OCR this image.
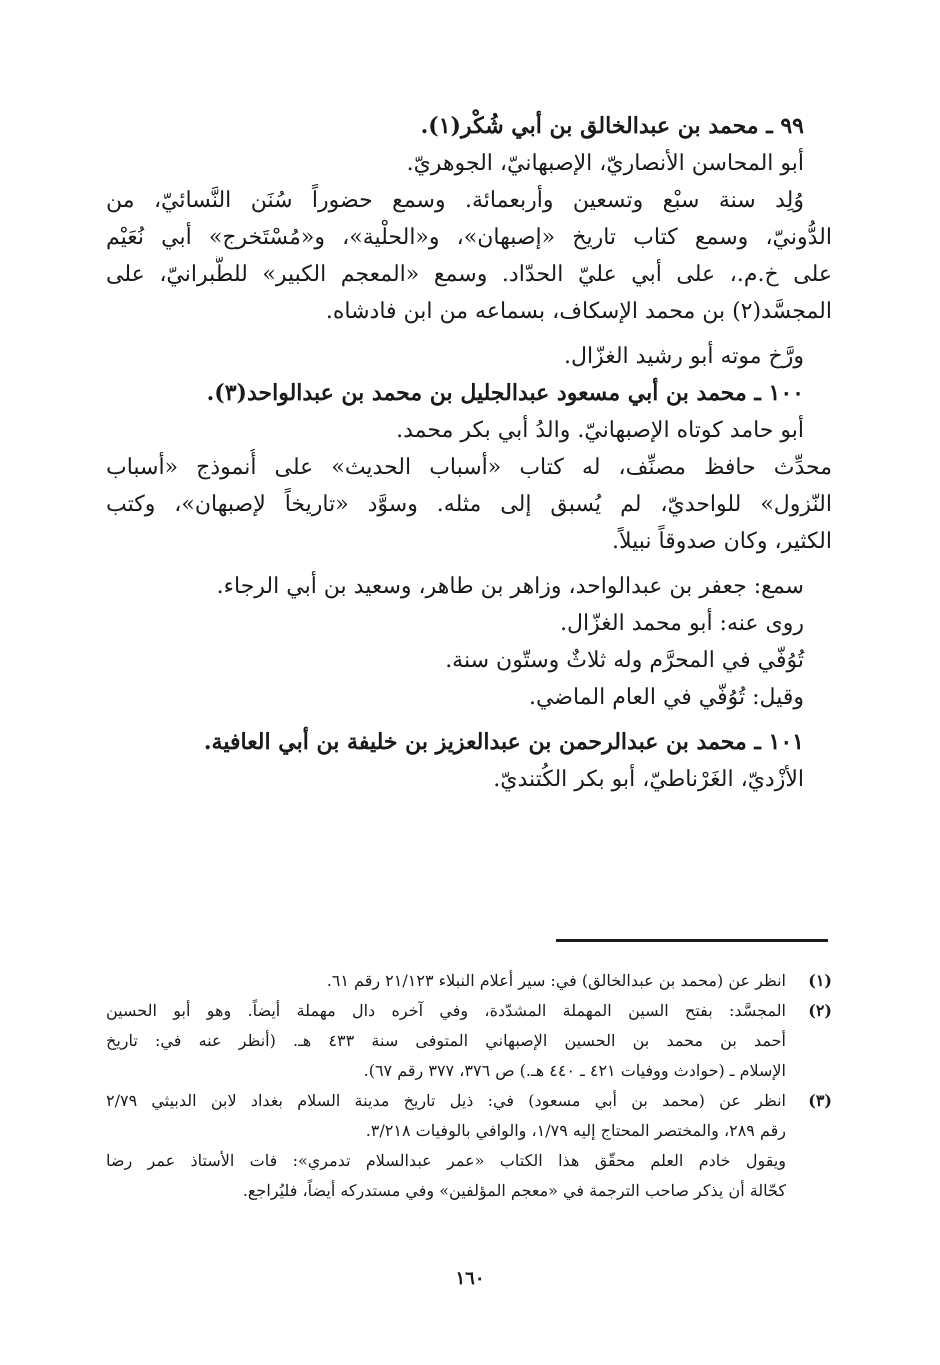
٩٩ ـ محمد بن عبدالخالق بن أبي شُكْر(١).
أبو المحاسن الأنصاريّ، الإصبهانيّ، الجوهريّ.
وُلِد سنة سبْع وتسعين وأربعمائة. وسمع حضوراً سُنَن النَّسائيّ، من
الدُّونيّ، وسمع كتاب تاريخ «إصبهان»، و«الحلْية»، و«مُسْتَخرج» أبي نُعَيْم
على خ.م.، على أبي عليّ الحدّاد. وسمع «المعجم الكبير» للطَّبرانيّ، على
المجسَّد(٢) بن محمد الإسكاف، بسماعه من ابن فادشاه.
ورَّخ موته أبو رشيد الغزّال.
١٠٠ ـ محمد بن أبي مسعود عبدالجليل بن محمد بن عبدالواحد(٣).
أبو حامد كوتاه الإصبهانيّ. والدُ أبي بكر محمد.
محدِّث حافظ مصنِّف، له كتاب «أسباب الحديث» على أُنموذج «أسباب
النّزول» للواحديّ، لم يُسبق إلى مثله. وسوَّد «تاريخاً لإصبهان»، وكتب
الكثير، وكان صدوقاً نبيلاً.
سمع: جعفر بن عبدالواحد، وزاهر بن طاهر، وسعيد بن أبي الرجاء.
روى عنه: أبو محمد الغزّال.
تُوُفّي في المحرَّم وله ثلاثٌ وستّون سنة.
وقيل: تُوُفّي في العام الماضي.
١٠١ ـ محمد بن عبدالرحمن بن عبدالعزيز بن خليفة بن أبي العافية.
الأزْديّ، الغَرْناطيّ، أبو بكر الكُتنديّ.
(١)
انظر عن (محمد بن عبدالخالق) في: سير أعلام النبلاء ٢١/١٢٣ رقم ٦١.
(٢)
المجسَّد: بفتح السين المهملة المشدّدة، وفي آخره دال مهملة أيضاً. وهو أبو الحسين
أحمد بن محمد بن الحسين الإصبهاني المتوفى سنة ٤٣٣ هـ. (أنظر عنه في: تاريخ
الإسلام ـ (حوادث ووفيات ٤٢١ ـ ٤٤٠ هـ.) ص ٣٧٦، ٣٧٧ رقم ٦٧).
(٣)
انظر عن (محمد بن أبي مسعود) في: ذيل تاريخ مدينة السلام بغداد لابن الدبيثي ٢/٧٩
رقم ٢٨٩، والمختصر المحتاج إليه ١/٧٩، والوافي بالوفيات ٣/٢١٨.
ويقول خادم العلم محقّق هذا الكتاب «عمر عبدالسلام تدمري»: فات الأستاذ عمر رضا
كحّالة أن يذكر صاحب الترجمة في «معجم المؤلفين» وفي مستدركه أيضاً، فليُراجع.
١٦٠
